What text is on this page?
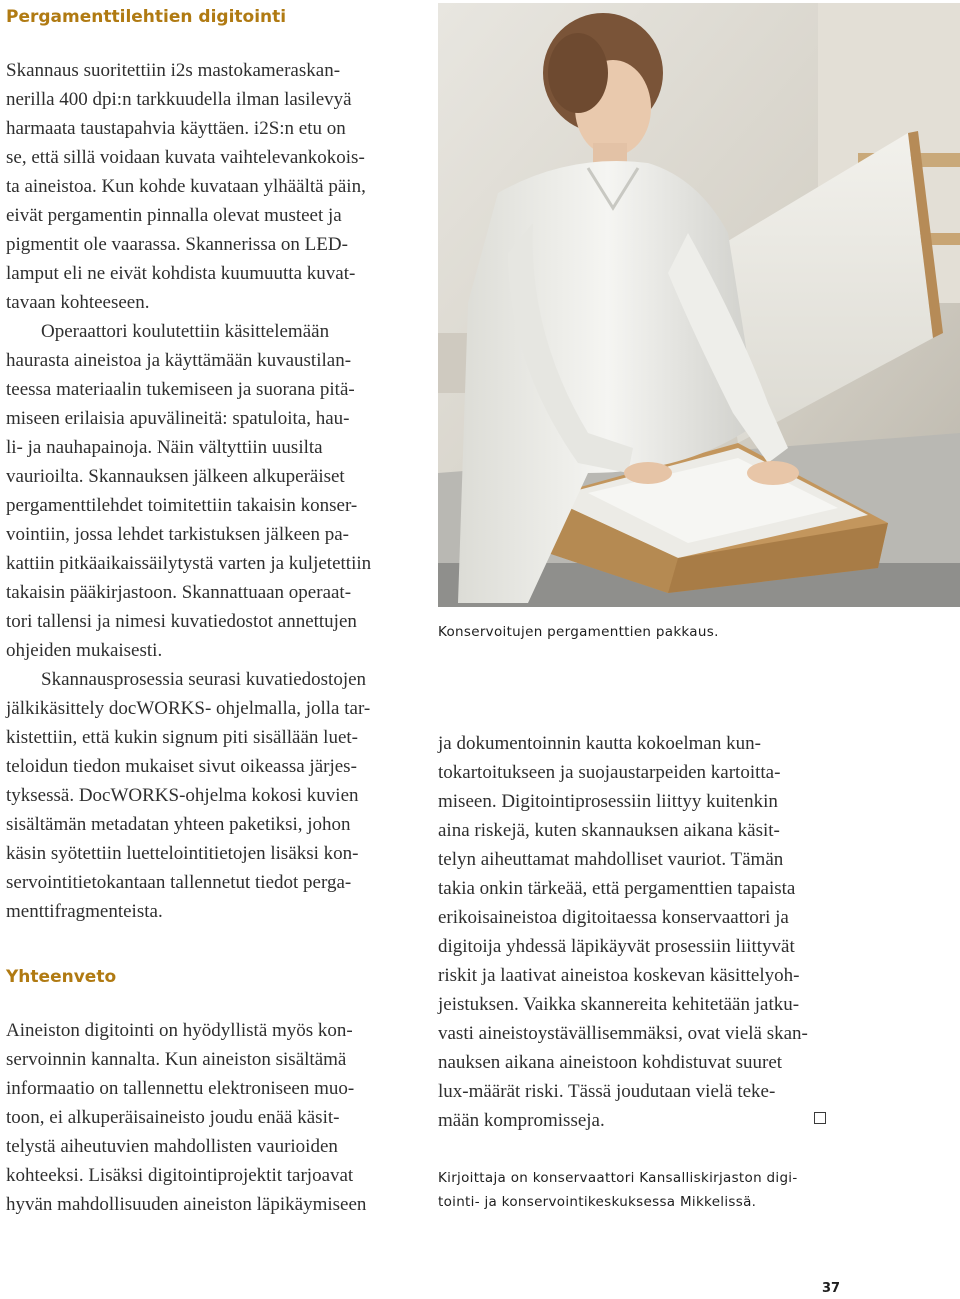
Pergamenttilehtien digitointi
Skannaus suoritettiin i2s mastokameraskan-
nerilla 400 dpi:n tarkkuudella ilman lasilevyä
harmaata taustapahvia käyttäen. i2S:n etu on
se, että sillä voidaan kuvata vaihtelevankokois-
ta aineistoa. Kun kohde kuvataan ylhäältä päin,
eivät pergamentin pinnalla olevat musteet ja
pigmentit ole vaarassa. Skannerissa on LED-
lamput eli ne eivät kohdista kuumuutta kuvat-
tavaan kohteeseen.
Operaattori koulutettiin käsittelemään
haurasta aineistoa ja käyttämään kuvaustilan-
teessa materiaalin tukemiseen ja suorana pitä-
miseen erilaisia apuvälineitä: spatuloita, hau-
li- ja nauhapainoja. Näin vältyttiin uusilta
vaurioilta. Skannauksen jälkeen alkuperäiset
pergamenttilehdet toimitettiin takaisin konser-
vointiin, jossa lehdet tarkistuksen jälkeen pa-
kattiin pitkäaikaissäilytystä varten ja kuljetettiin
takaisin pääkirjastoon. Skannattuaan operaat-
tori tallensi ja nimesi kuvatiedostot annettujen
ohjeiden mukaisesti.
Skannausprosessia seurasi kuvatiedostojen
jälkikäsittely docWORKS- ohjelmalla, jolla tar-
kistettiin, että kukin signum piti sisällään luet-
teloidun tiedon mukaiset sivut oikeassa järjes-
tyksessä. DocWORKS-ohjelma kokosi kuvien
sisältämän metadatan yhteen paketiksi, johon
käsin syötettiin luettelointitietojen lisäksi kon-
servointitietokantaan tallennetut tiedot perga-
menttifragmenteista.
Yhteenveto
Aineiston digitointi on hyödyllistä myös kon-
servoinnin kannalta. Kun aineiston sisältämä
informaatio on tallennettu elektroniseen muo-
toon, ei alkuperäisaineisto joudu enää käsit-
telystä aiheutuvien mahdollisten vaurioiden
kohteeksi. Lisäksi digitointiprojektit tarjoavat
hyvän mahdollisuuden aineiston läpikäymiseen
Konservoitujen pergamenttien pakkaus.
ja dokumentoinnin kautta kokoelman kun-
tokartoitukseen ja suojaustarpeiden kartoitta-
miseen. Digitointiprosessiin liittyy kuitenkin
aina riskejä, kuten skannauksen aikana käsit-
telyn aiheuttamat mahdolliset vauriot. Tämän
takia onkin tärkeää, että pergamenttien tapaista
erikoisaineistoa digitoitaessa konservaattori ja
digitoija yhdessä läpikäyvät prosessiin liittyvät
riskit ja laativat aineistoa koskevan käsittelyoh-
jeistuksen. Vaikka skannereita kehitetään jatku-
vasti aineistoystävällisemmäksi, ovat vielä skan-
nauksen aikana aineistoon kohdistuvat suuret
lux-määrät riski. Tässä joudutaan vielä teke-
mään kompromisseja.
Kirjoittaja on konservaattori Kansalliskirjaston digi-
tointi- ja konservointikeskuksessa Mikkelissä.
37
